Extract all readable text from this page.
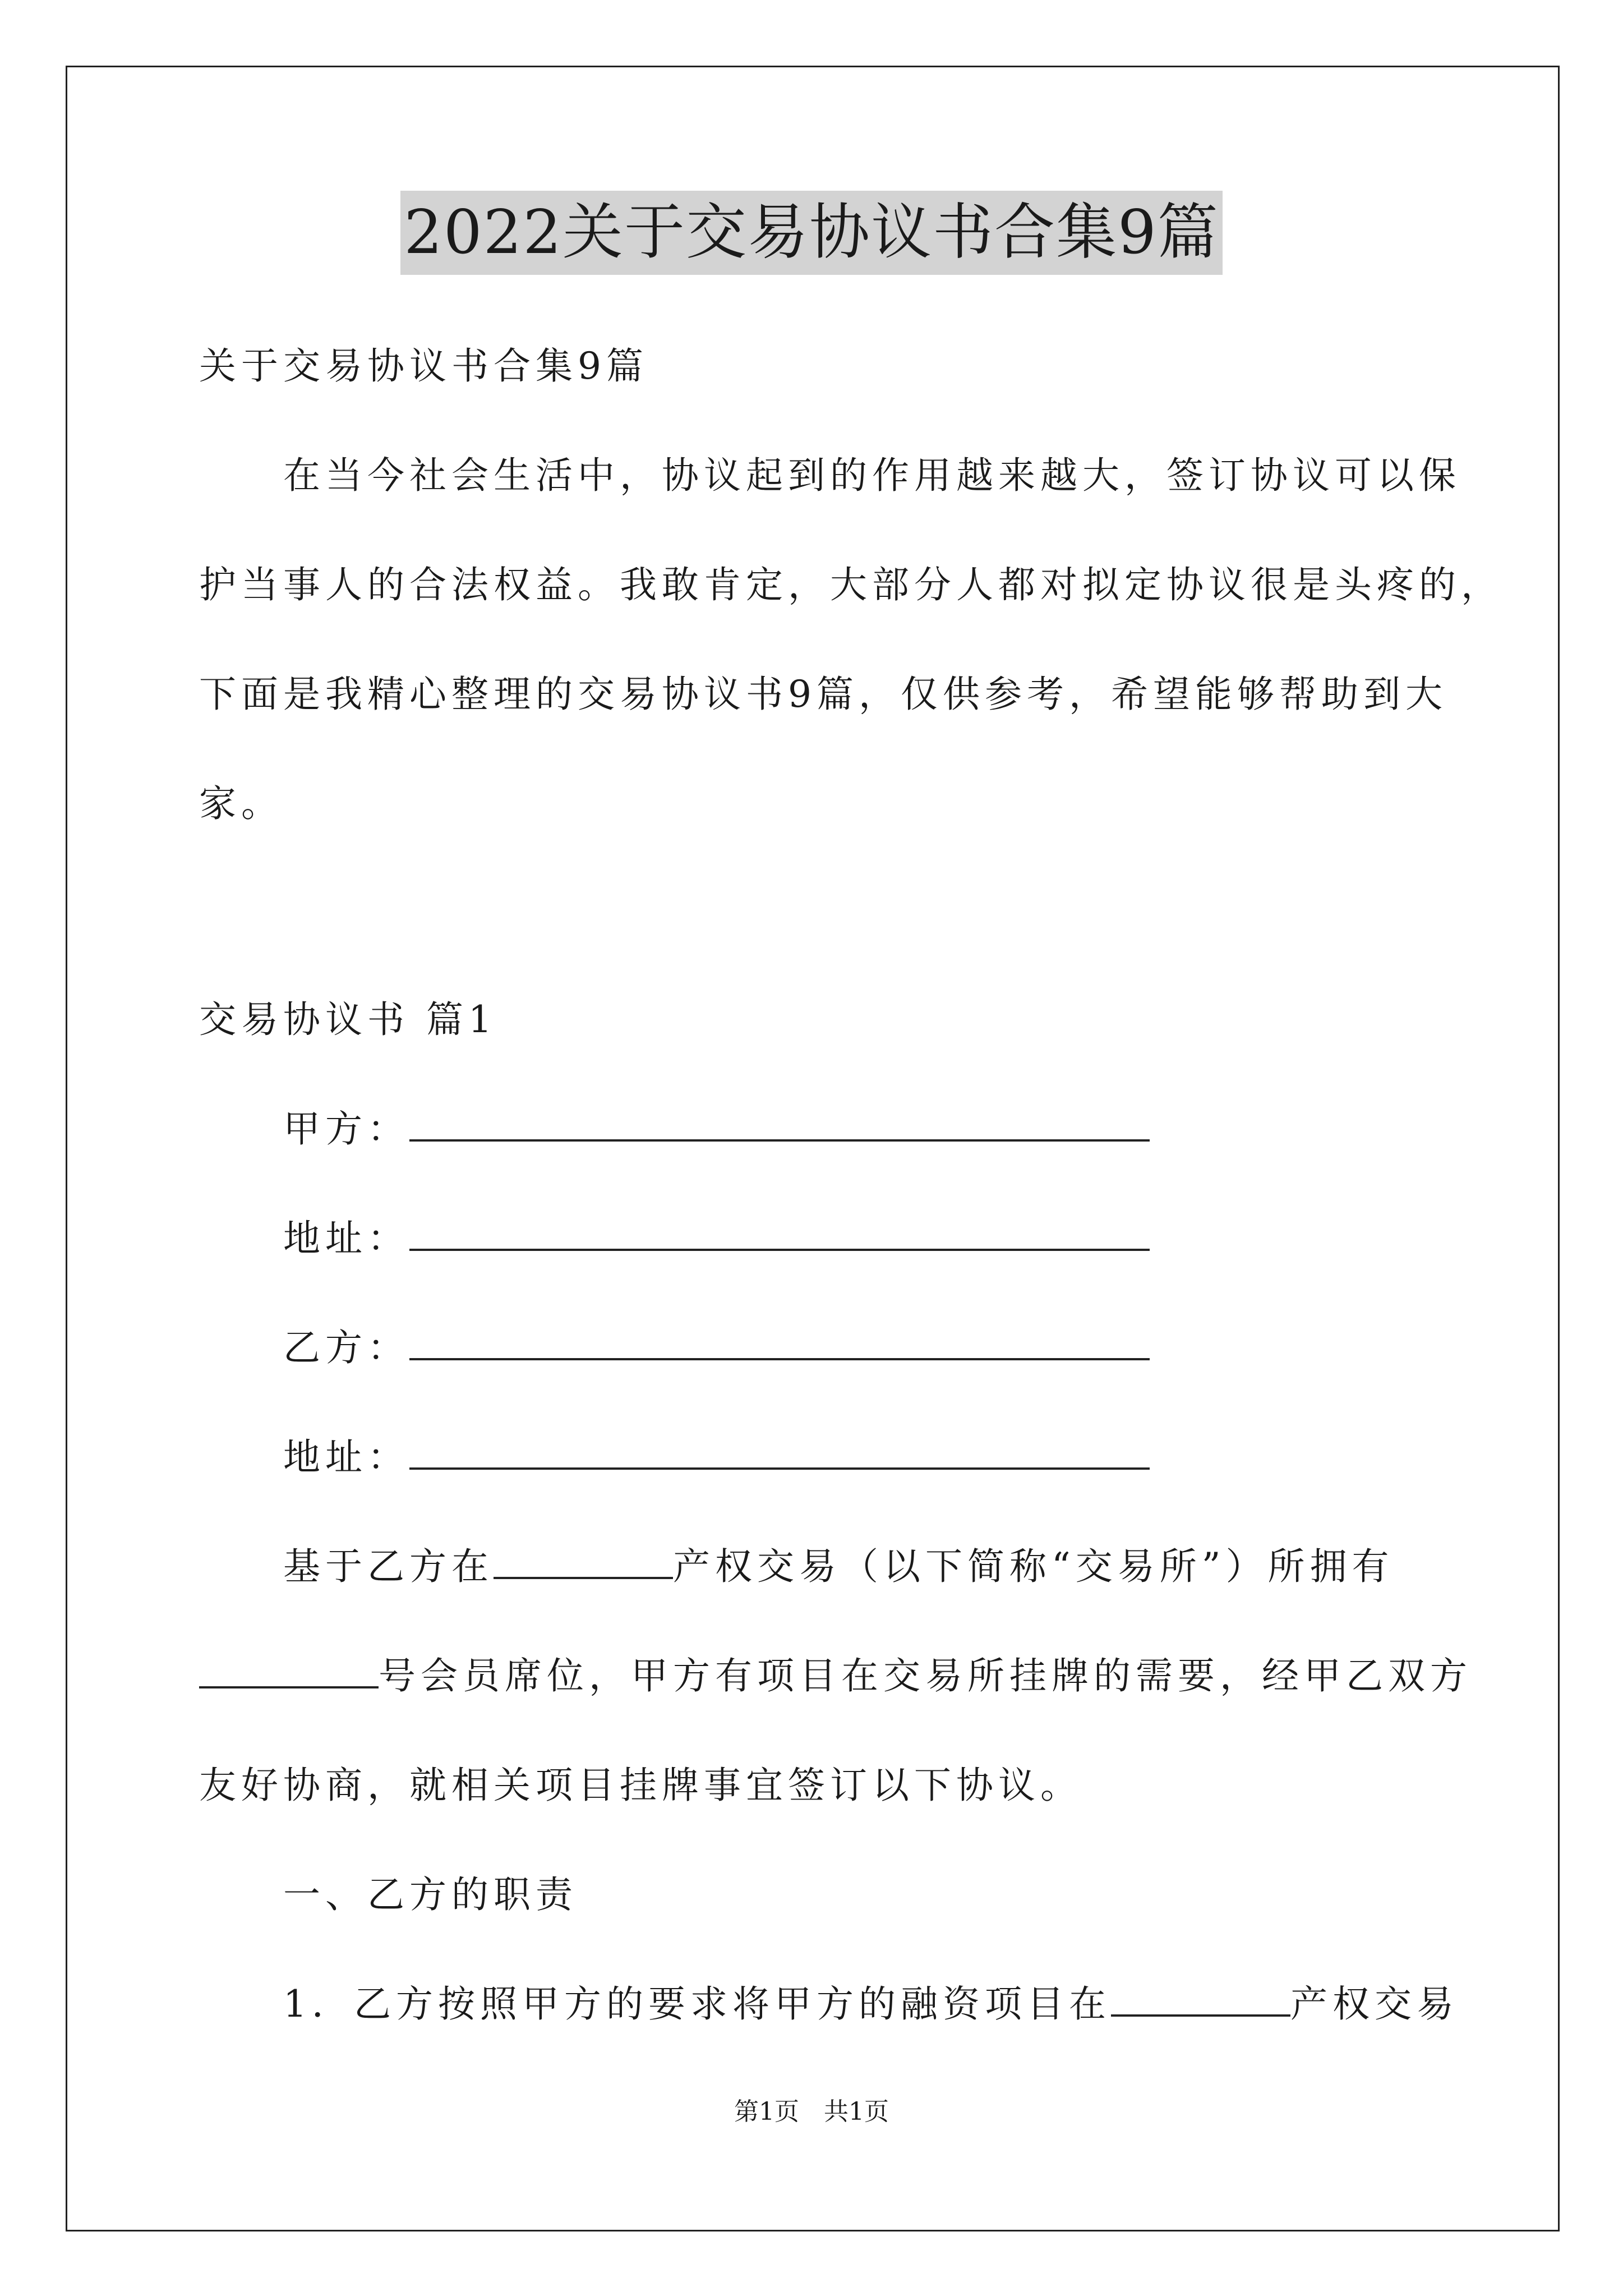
2022关于交易协议书合集9篇
关于交易协议书合集9篇
在当今社会生活中，协议起到的作用越来越大，签订协议可以保
护当事人的合法权益。我敢肯定，大部分人都对拟定协议很是头疼的，
下面是我精心整理的交易协议书9篇，仅供参考，希望能够帮助到大
家。
交易协议书 篇1
甲方：
地址：
乙方：
地址：
基于乙方在	产权交易（以下简称“交易所”）所拥有
号会员席位，甲方有项目在交易所挂牌的需要，经甲乙双方
友好协商，就相关项目挂牌事宜签订以下协议。
一、乙方的职责
1．乙方按照甲方的要求将甲方的融资项目在	产权交易
第1页　共1页
